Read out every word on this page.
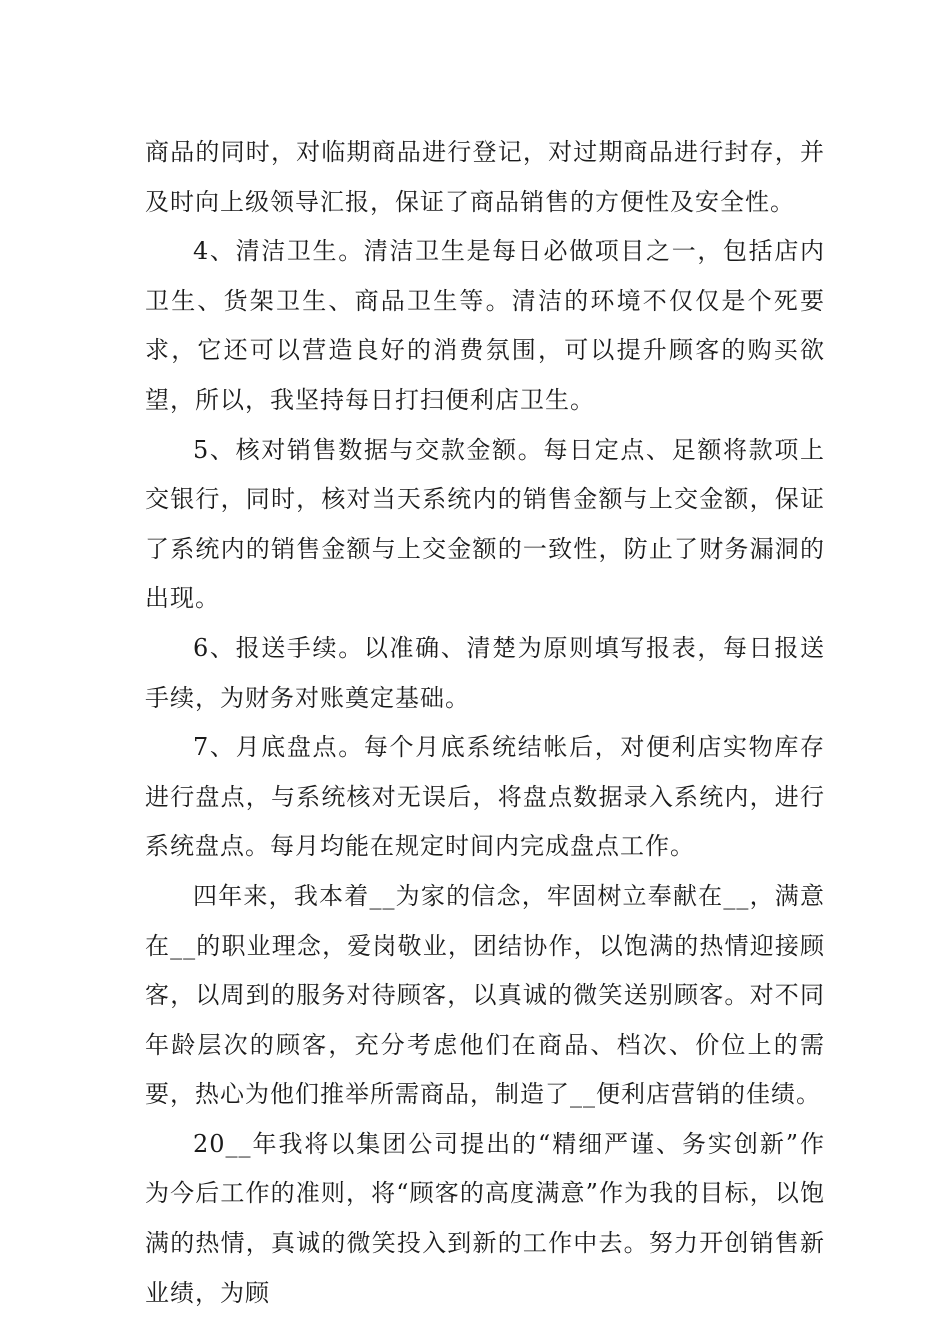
商品的同时，对临期商品进行登记，对过期商品进行封存，并及时向上级领导汇报，保证了商品销售的方便性及安全性。

4、清洁卫生。清洁卫生是每日必做项目之一，包括店内卫生、货架卫生、商品卫生等。清洁的环境不仅仅是个死要求，它还可以营造良好的消费氛围，可以提升顾客的购买欲望，所以，我坚持每日打扫便利店卫生。

5、核对销售数据与交款金额。每日定点、足额将款项上交银行，同时，核对当天系统内的销售金额与上交金额，保证了系统内的销售金额与上交金额的一致性，防止了财务漏洞的出现。

6、报送手续。以准确、清楚为原则填写报表，每日报送手续，为财务对账奠定基础。

7、月底盘点。每个月底系统结帐后，对便利店实物库存进行盘点，与系统核对无误后，将盘点数据录入系统内，进行系统盘点。每月均能在规定时间内完成盘点工作。

四年来，我本着__为家的信念，牢固树立奉献在__，满意在__的职业理念，爱岗敬业，团结协作，以饱满的热情迎接顾客，以周到的服务对待顾客，以真诚的微笑送别顾客。对不同年龄层次的顾客，充分考虑他们在商品、档次、价位上的需要，热心为他们推举所需商品，制造了__便利店营销的佳绩。

20__年我将以集团公司提出的“精细严谨、务实创新”作为今后工作的准则，将“顾客的高度满意”作为我的目标，以饱满的热情，真诚的微笑投入到新的工作中去。努力开创销售新业绩，为顾
